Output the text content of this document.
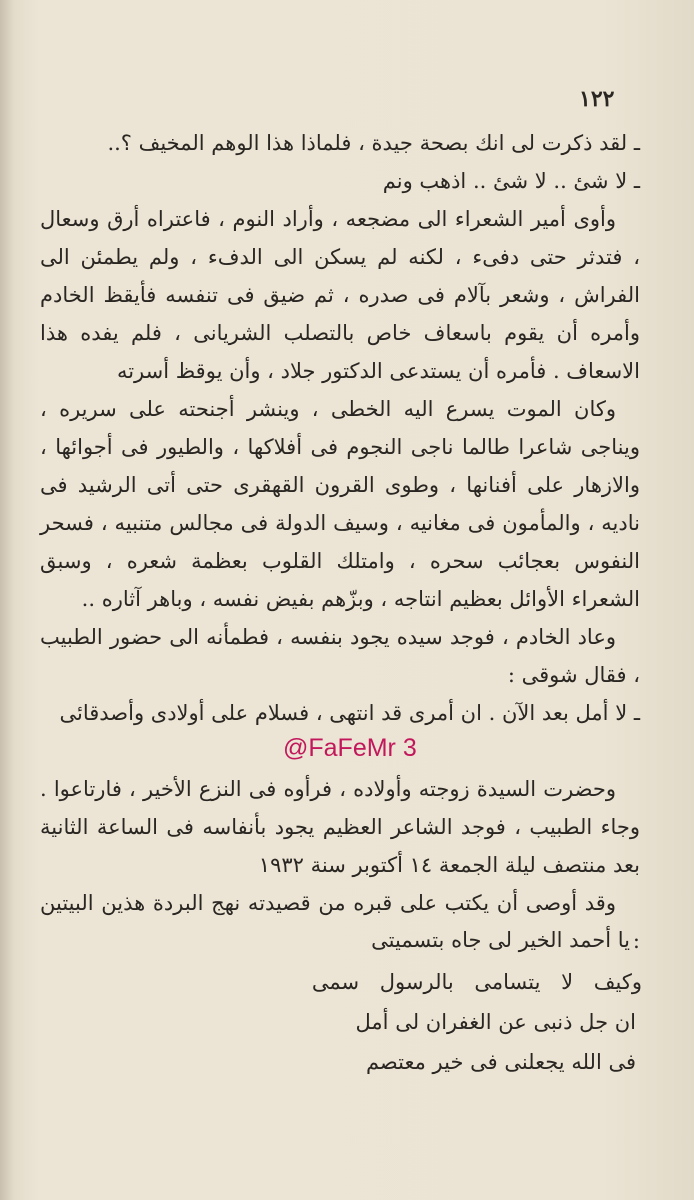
١٢٢

ـ لقد ذكرت لى انك بصحة جيدة ، فلماذا هذا الوهم المخيف ؟..

ـ لا شئ .. لا شئ .. اذهب ونم

وأوى أمير الشعراء الى مضجعه ، وأراد النوم ، فاعتراه أرق وسعال ، فتدثر حتى دفىء ، لكنه لم يسكن الى الدفء ، ولم يطمئن الى الفراش ، وشعر بآلام فى صدره ، ثم ضيق فى تنفسه فأيقظ الخادم وأمره أن يقوم باسعاف خاص بالتصلب الشريانى ، فلم يفده هذا الاسعاف . فأمره أن يستدعى الدكتور جلاد ، وأن يوقظ أسرته

وكان الموت يسرع اليه الخطى ، وينشر أجنحته على سريره ، ويناجى شاعرا طالما ناجى النجوم فى أفلاكها ، والطيور فى أجوائها ، والازهار على أفنانها ، وطوى القرون القهقرى حتى أتى الرشيد فى ناديه ، والمأمون فى مغانيه ، وسيف الدولة فى مجالس متنبيه ، فسحر النفوس بعجائب سحره ، وامتلك القلوب بعظمة شعره ، وسبق الشعراء الأوائل بعظيم انتاجه ، وبزّهم بفيض نفسه ، وباهر آثاره ..

وعاد الخادم ، فوجد سيده يجود بنفسه ، فطمأنه الى حضور الطبيب ، فقال شوقى :

ـ لا أمل بعد الآن . ان أمرى قد انتهى ، فسلام على أولادى وأصدقائى

وحضرت السيدة زوجته وأولاده ، فرأوه فى النزع الأخير ، فارتاعوا . وجاء الطبيب ، فوجد الشاعر العظيم يجود بأنفاسه فى الساعة الثانية بعد منتصف ليلة الجمعة ١٤ أكتوبر سنة ١٩٣٢

وقد أوصى أن يكتب على قبره من قصيدته نهج البردة هذين البيتين :

@FaFeMr 3
يا أحمد الخير لى جاه بتسميتى
وكيف لا يتسامى بالرسول سمى
ان جل ذنبى عن الغفران لى أمل
فى الله يجعلنى فى خير معتصم
